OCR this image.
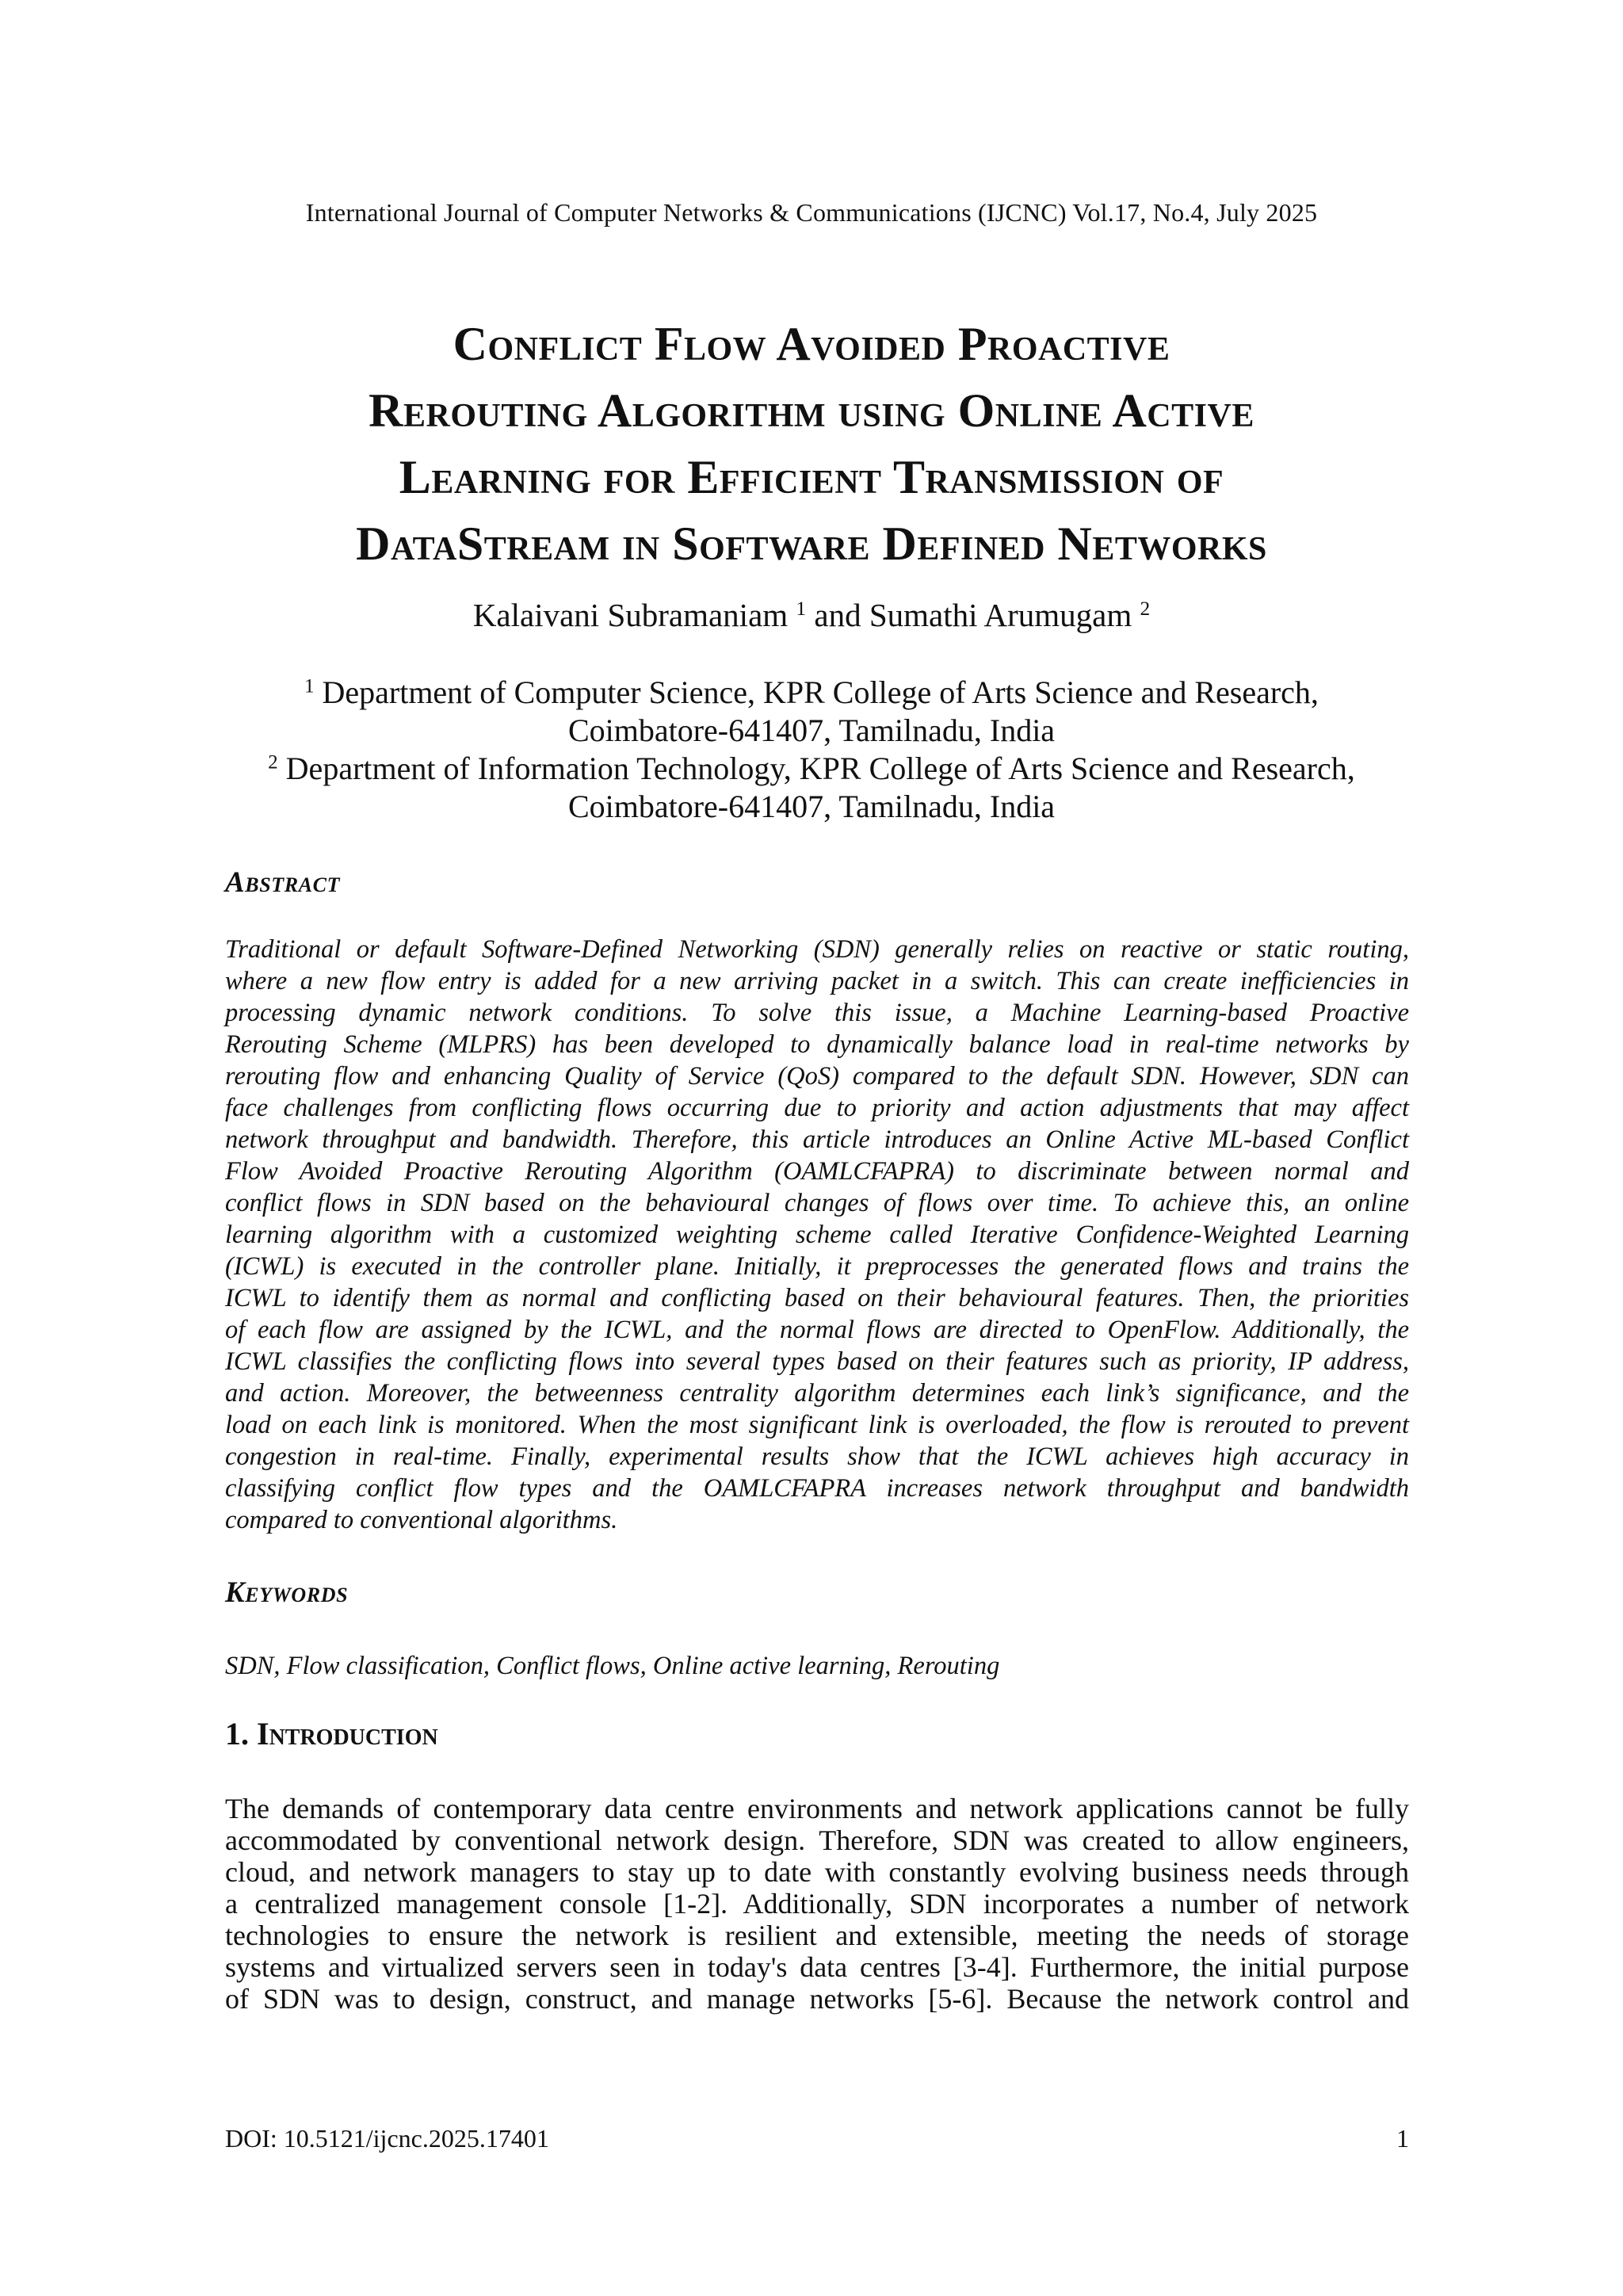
International Journal of Computer Networks & Communications (IJCNC) Vol.17, No.4, July 2025
Conflict Flow Avoided Proactive
Rerouting Algorithm using Online Active
Learning for Efficient Transmission of
DataStream in Software Defined Networks
Kalaivani Subramaniam $^1$ and Sumathi Arumugam $^2$
$^1$ Department of Computer Science, KPR College of Arts Science and Research,
Coimbatore-641407, Tamilnadu, India
$^2$ Department of Information Technology, KPR College of Arts Science and Research,
Coimbatore-641407, Tamilnadu, India
Abstract
Traditional or default Software-Defined Networking (SDN) generally relies on reactive or static routing,
where a new flow entry is added for a new arriving packet in a switch. This can create inefficiencies in
processing dynamic network conditions. To solve this issue, a Machine Learning-based Proactive
Rerouting Scheme (MLPRS) has been developed to dynamically balance load in real-time networks by
rerouting flow and enhancing Quality of Service (QoS) compared to the default SDN. However, SDN can
face challenges from conflicting flows occurring due to priority and action adjustments that may affect
network throughput and bandwidth. Therefore, this article introduces an Online Active ML-based Conflict
Flow Avoided Proactive Rerouting Algorithm (OAMLCFAPRA) to discriminate between normal and
conflict flows in SDN based on the behavioural changes of flows over time. To achieve this, an online
learning algorithm with a customized weighting scheme called Iterative Confidence-Weighted Learning
(ICWL) is executed in the controller plane. Initially, it preprocesses the generated flows and trains the
ICWL to identify them as normal and conflicting based on their behavioural features. Then, the priorities
of each flow are assigned by the ICWL, and the normal flows are directed to OpenFlow. Additionally, the
ICWL classifies the conflicting flows into several types based on their features such as priority, IP address,
and action. Moreover, the betweenness centrality algorithm determines each link’s significance, and the
load on each link is monitored. When the most significant link is overloaded, the flow is rerouted to prevent
congestion in real-time. Finally, experimental results show that the ICWL achieves high accuracy in
classifying conflict flow types and the OAMLCFAPRA increases network throughput and bandwidth
compared to conventional algorithms.
Keywords
SDN, Flow classification, Conflict flows, Online active learning, Rerouting
1. Introduction
The demands of contemporary data centre environments and network applications cannot be fully
accommodated by conventional network design. Therefore, SDN was created to allow engineers,
cloud, and network managers to stay up to date with constantly evolving business needs through
a centralized management console [1-2]. Additionally, SDN incorporates a number of network
technologies to ensure the network is resilient and extensible, meeting the needs of storage
systems and virtualized servers seen in today's data centres [3-4]. Furthermore, the initial purpose
of SDN was to design, construct, and manage networks [5-6]. Because the network control and
DOI: 10.5121/ijcnc.2025.17401	1
